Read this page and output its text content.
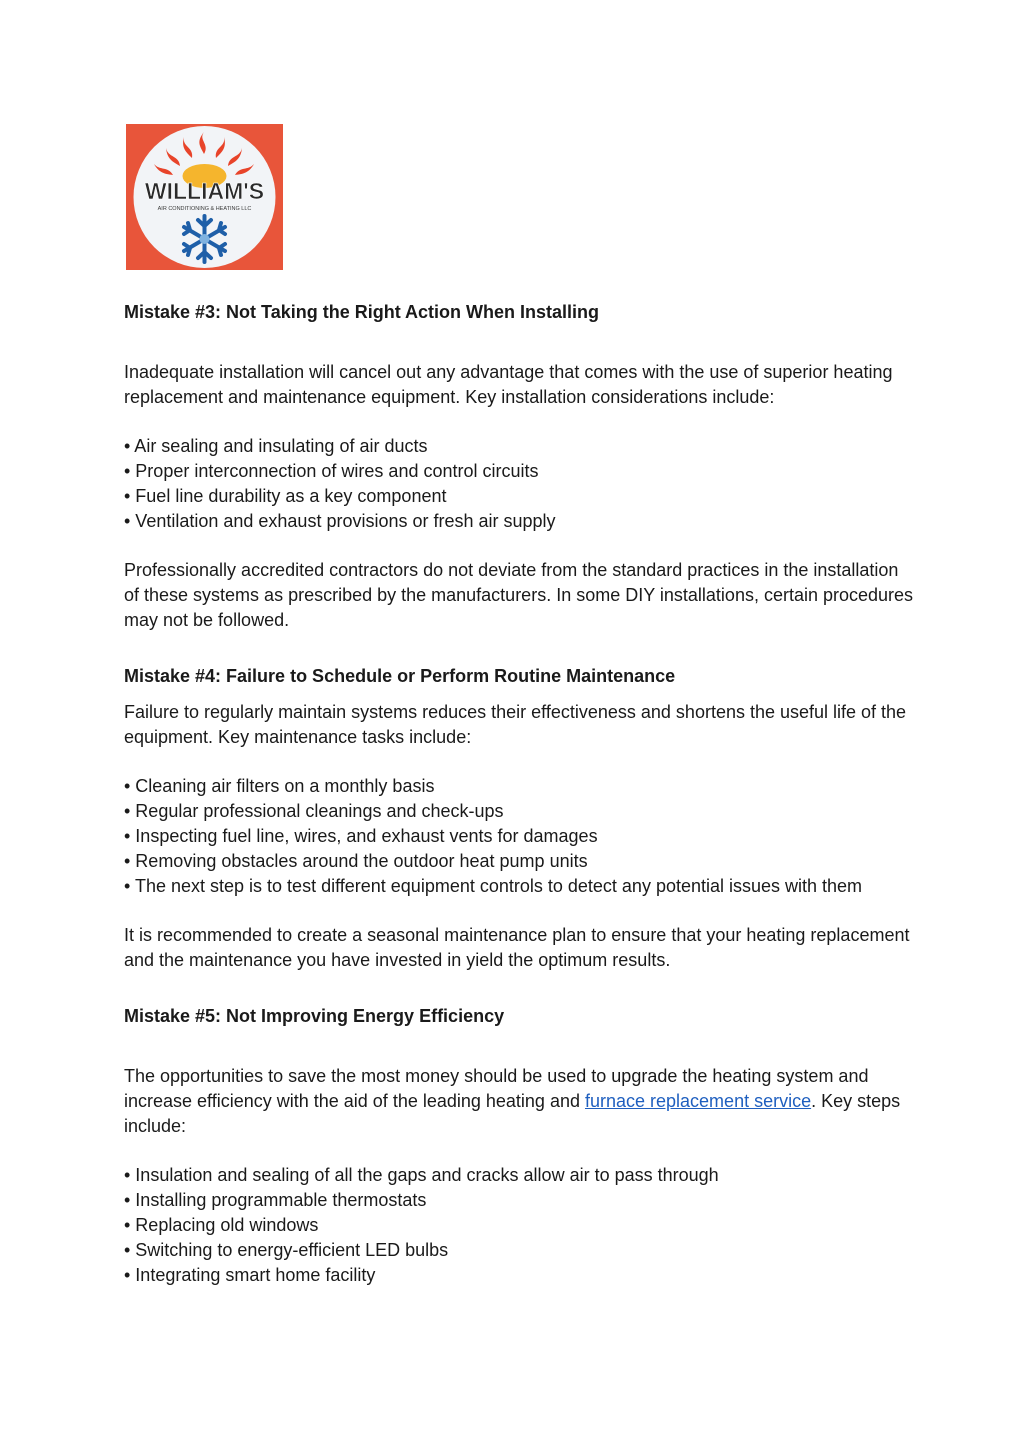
WILLIAM'S
AIR CONDITIONING & HEATING LLC
Mistake #3: Not Taking the Right Action When Installing

Inadequate installation will cancel out any advantage that comes with the use of superior heating replacement and maintenance equipment. Key installation considerations include:

• Air sealing and insulating of air ducts
• Proper interconnection of wires and control circuits
• Fuel line durability as a key component
• Ventilation and exhaust provisions or fresh air supply

Professionally accredited contractors do not deviate from the standard practices in the installation of these systems as prescribed by the manufacturers. In some DIY installations, certain procedures may not be followed.

Mistake #4: Failure to Schedule or Perform Routine Maintenance

Failure to regularly maintain systems reduces their effectiveness and shortens the useful life of the equipment. Key maintenance tasks include:

• Cleaning air filters on a monthly basis
• Regular professional cleanings and check-ups
• Inspecting fuel line, wires, and exhaust vents for damages
• Removing obstacles around the outdoor heat pump units
• The next step is to test different equipment controls to detect any potential issues with them

It is recommended to create a seasonal maintenance plan to ensure that your heating replacement and the maintenance you have invested in yield the optimum results.

Mistake #5: Not Improving Energy Efficiency

The opportunities to save the most money should be used to upgrade the heating system and increase efficiency with the aid of the leading heating and furnace replacement service. Key steps include:

• Insulation and sealing of all the gaps and cracks allow air to pass through
• Installing programmable thermostats
• Replacing old windows
• Switching to energy-efficient LED bulbs
• Integrating smart home facility
